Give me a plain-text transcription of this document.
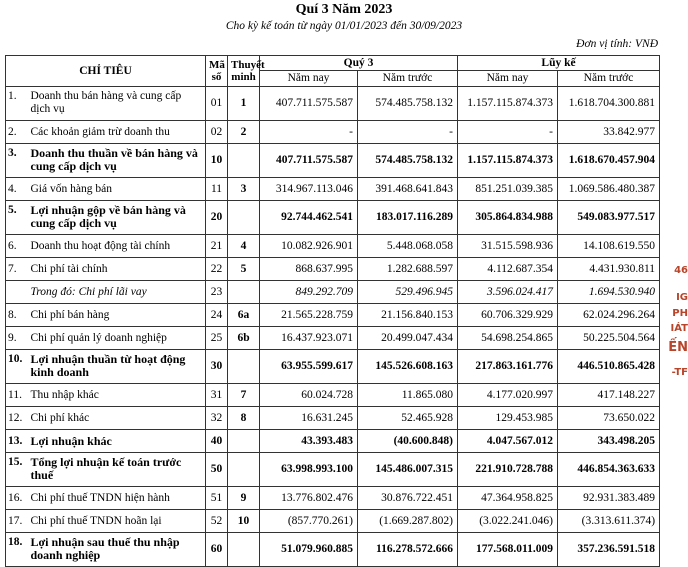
Quí 3 Năm 2023
Cho kỳ kế toán từ ngày 01/01/2023 đến 30/09/2023
Đơn vị tính: VNĐ
CHỈ TIÊU		Mã số	Thuyết minh	Quý 3		Lũy kế	
				Năm nay	Năm trước	Năm nay	Năm trước
1.	Doanh thu bán hàng và cung cấp dịch vụ	01	1	407.711.575.587	574.485.758.132	1.157.115.874.373	1.618.704.300.881
2.	Các khoản giảm trừ doanh thu	02	2	-	-	-	33.842.977
3.	Doanh thu thuần về bán hàng và cung cấp dịch vụ	10		407.711.575.587	574.485.758.132	1.157.115.874.373	1.618.670.457.904
4.	Giá vốn hàng bán	11	3	314.967.113.046	391.468.641.843	851.251.039.385	1.069.586.480.387
5.	Lợi nhuận gộp về bán hàng và cung cấp dịch vụ	20		92.744.462.541	183.017.116.289	305.864.834.988	549.083.977.517
6.	Doanh thu hoạt động tài chính	21	4	10.082.926.901	5.448.068.058	31.515.598.936	14.108.619.550
7.	Chi phí tài chính	22	5	868.637.995	1.282.688.597	4.112.687.354	4.431.930.811
	Trong đó: Chi phí lãi vay	23		849.292.709	529.496.945	3.596.024.417	1.694.530.940
8.	Chi phí bán hàng	24	6a	21.565.228.759	21.156.840.153	60.706.329.929	62.024.296.264
9.	Chi phí quản lý doanh nghiệp	25	6b	16.437.923.071	20.499.047.434	54.698.254.865	50.225.504.564
10.	Lợi nhuận thuần từ hoạt động kinh doanh	30		63.955.599.617	145.526.608.163	217.863.161.776	446.510.865.428
11.	Thu nhập khác	31	7	60.024.728	11.865.080	4.177.020.997	417.148.227
12.	Chi phí khác	32	8	16.631.245	52.465.928	129.453.985	73.650.022
13.	Lợi nhuận khác	40		43.393.483	(40.600.848)	4.047.567.012	343.498.205
15.	Tổng lợi nhuận kế toán trước thuế	50		63.998.993.100	145.486.007.315	221.910.728.788	446.854.363.633
16.	Chi phí thuế TNDN hiện hành	51	9	13.776.802.476	30.876.722.451	47.364.958.825	92.931.383.489
17.	Chi phí thuế TNDN hoãn lại	52	10	(857.770.261)	(1.669.287.802)	(3.022.241.046)	(3.313.611.374)
18.	Lợi nhuận sau thuế thu nhập doanh nghiệp	60		51.079.960.885	116.278.572.666	177.568.011.009	357.236.591.518
46
IG
PH
IÁT
ẾN
-TF
